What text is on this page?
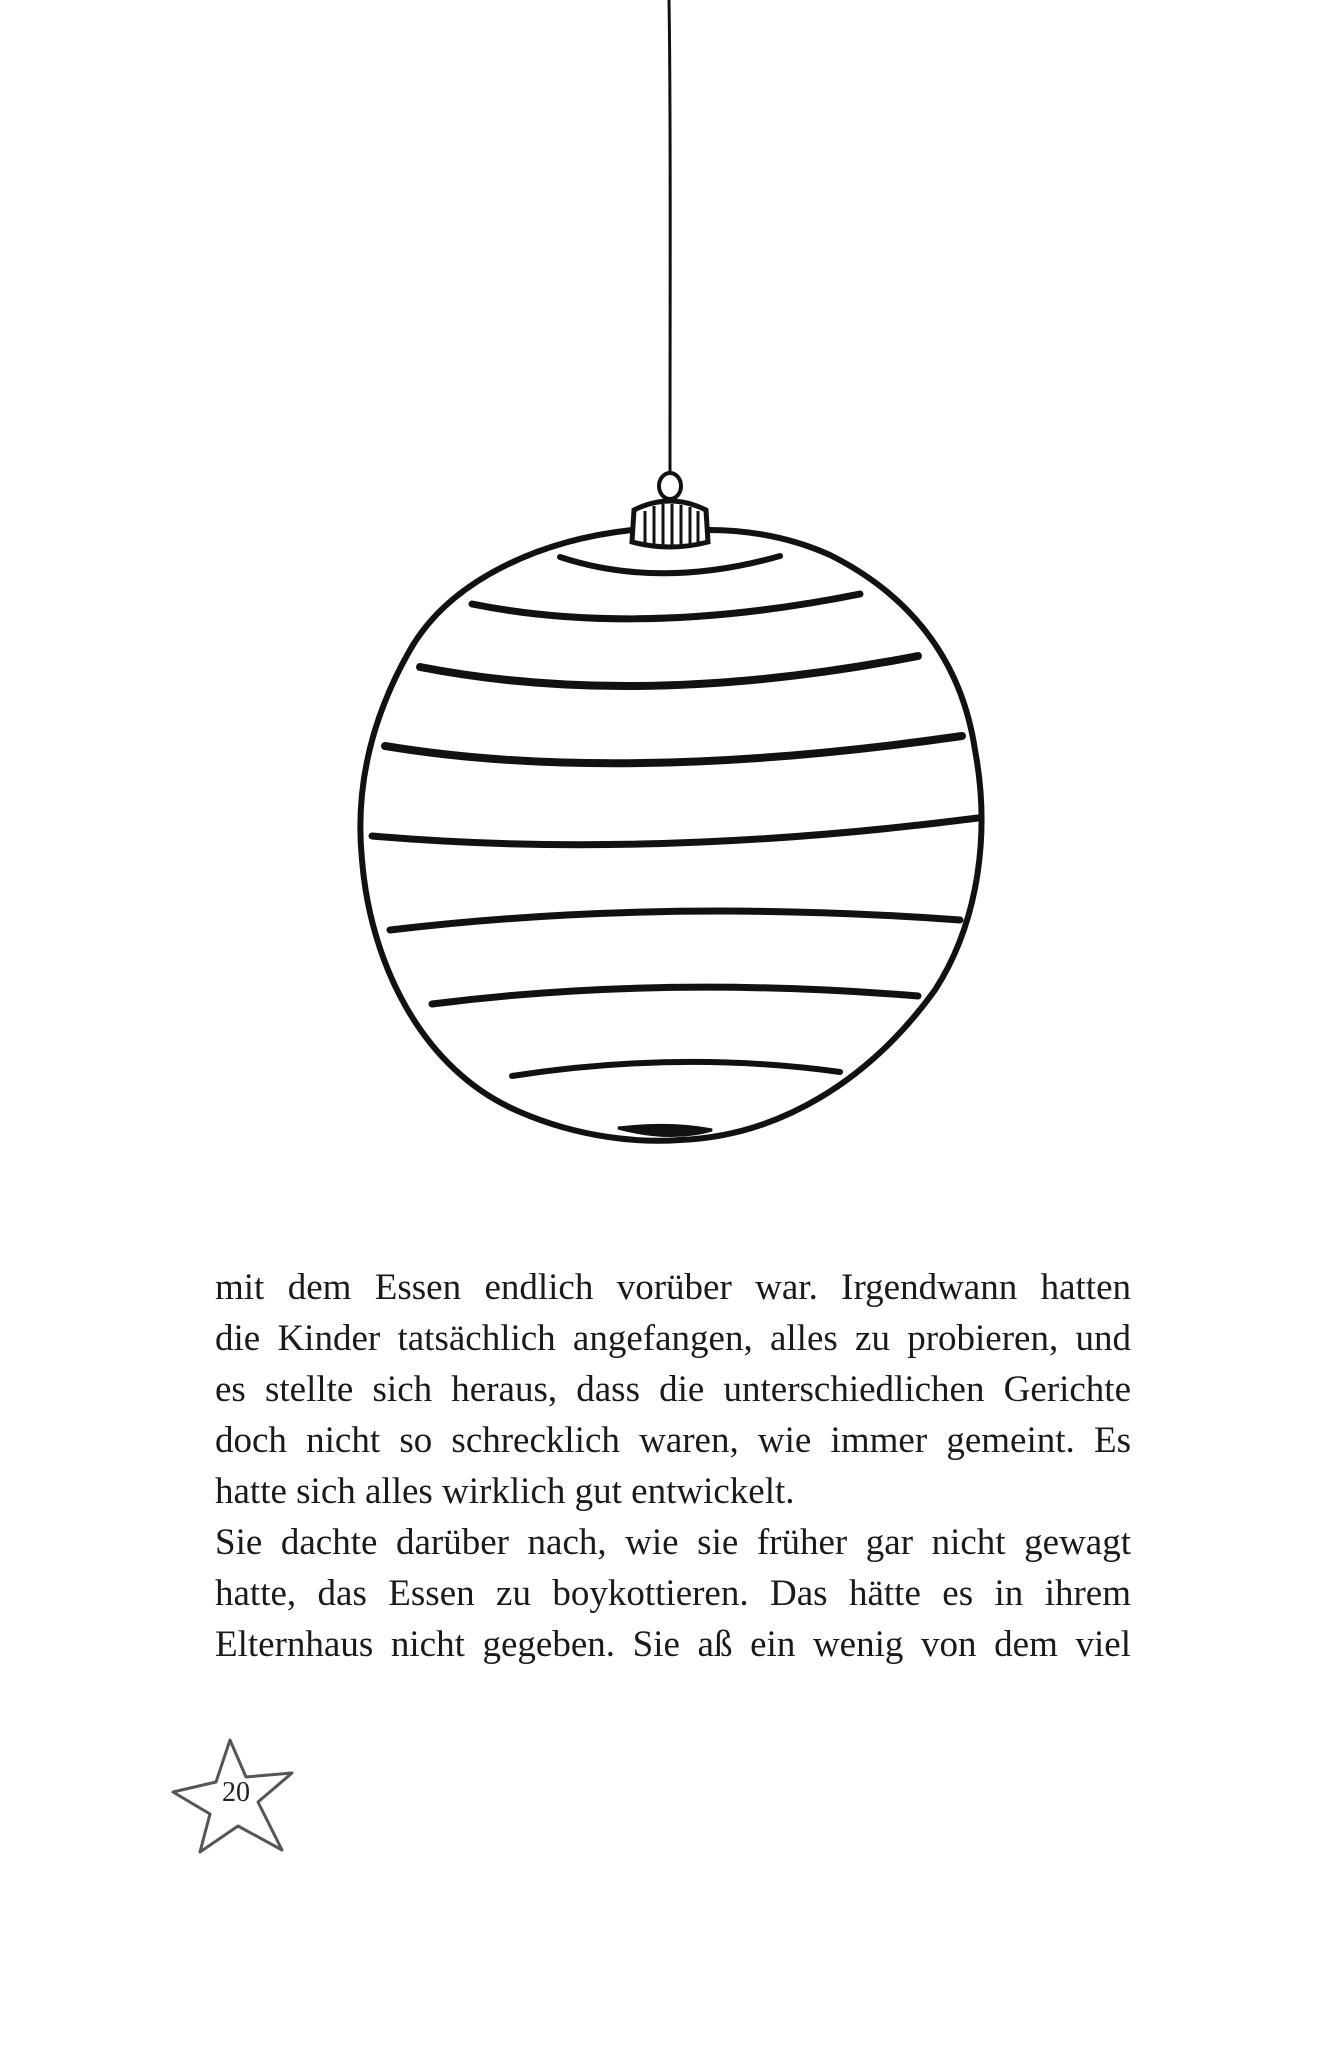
mit dem Essen endlich vorüber war. Irgendwann hatten
die Kinder tatsächlich angefangen, alles zu probieren, und
es stellte sich heraus, dass die unterschiedlichen Gerichte
doch nicht so schrecklich waren, wie immer gemeint. Es
hatte sich alles wirklich gut entwickelt.

Sie dachte darüber nach, wie sie früher gar nicht gewagt
hatte, das Essen zu boykottieren. Das hätte es in ihrem
Elternhaus nicht gegeben. Sie aß ein wenig von dem viel

20
